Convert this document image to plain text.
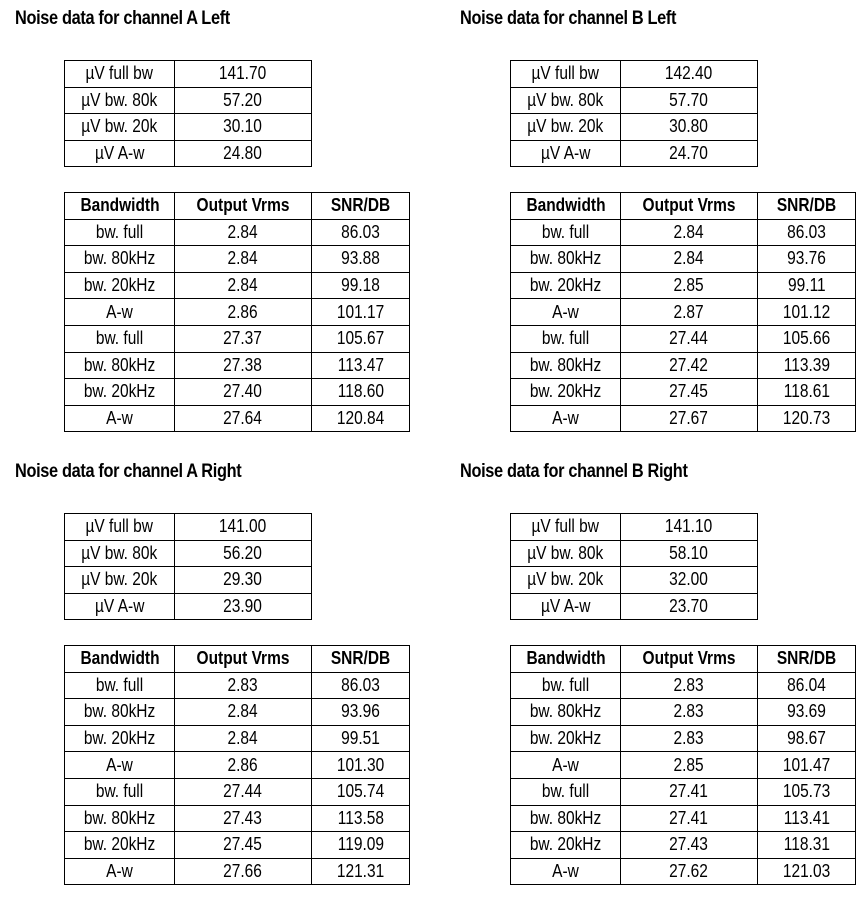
Noise data for channel A Left
µV full bw	141.70
µV bw. 80k	57.20
µV bw. 20k	30.10
µV A-w	24.80
Bandwidth	Output Vrms	SNR/DB
bw. full	2.84	86.03
bw. 80kHz	2.84	93.88
bw. 20kHz	2.84	99.18
A-w	2.86	101.17
bw. full	27.37	105.67
bw. 80kHz	27.38	113.47
bw. 20kHz	27.40	118.60
A-w	27.64	120.84
Noise data for channel B Left
µV full bw	142.40
µV bw. 80k	57.70
µV bw. 20k	30.80
µV A-w	24.70
Bandwidth	Output Vrms	SNR/DB
bw. full	2.84	86.03
bw. 80kHz	2.84	93.76
bw. 20kHz	2.85	99.11
A-w	2.87	101.12
bw. full	27.44	105.66
bw. 80kHz	27.42	113.39
bw. 20kHz	27.45	118.61
A-w	27.67	120.73
Noise data for channel A Right
µV full bw	141.00
µV bw. 80k	56.20
µV bw. 20k	29.30
µV A-w	23.90
Bandwidth	Output Vrms	SNR/DB
bw. full	2.83	86.03
bw. 80kHz	2.84	93.96
bw. 20kHz	2.84	99.51
A-w	2.86	101.30
bw. full	27.44	105.74
bw. 80kHz	27.43	113.58
bw. 20kHz	27.45	119.09
A-w	27.66	121.31
Noise data for channel B Right
µV full bw	141.10
µV bw. 80k	58.10
µV bw. 20k	32.00
µV A-w	23.70
Bandwidth	Output Vrms	SNR/DB
bw. full	2.83	86.04
bw. 80kHz	2.83	93.69
bw. 20kHz	2.83	98.67
A-w	2.85	101.47
bw. full	27.41	105.73
bw. 80kHz	27.41	113.41
bw. 20kHz	27.43	118.31
A-w	27.62	121.03
